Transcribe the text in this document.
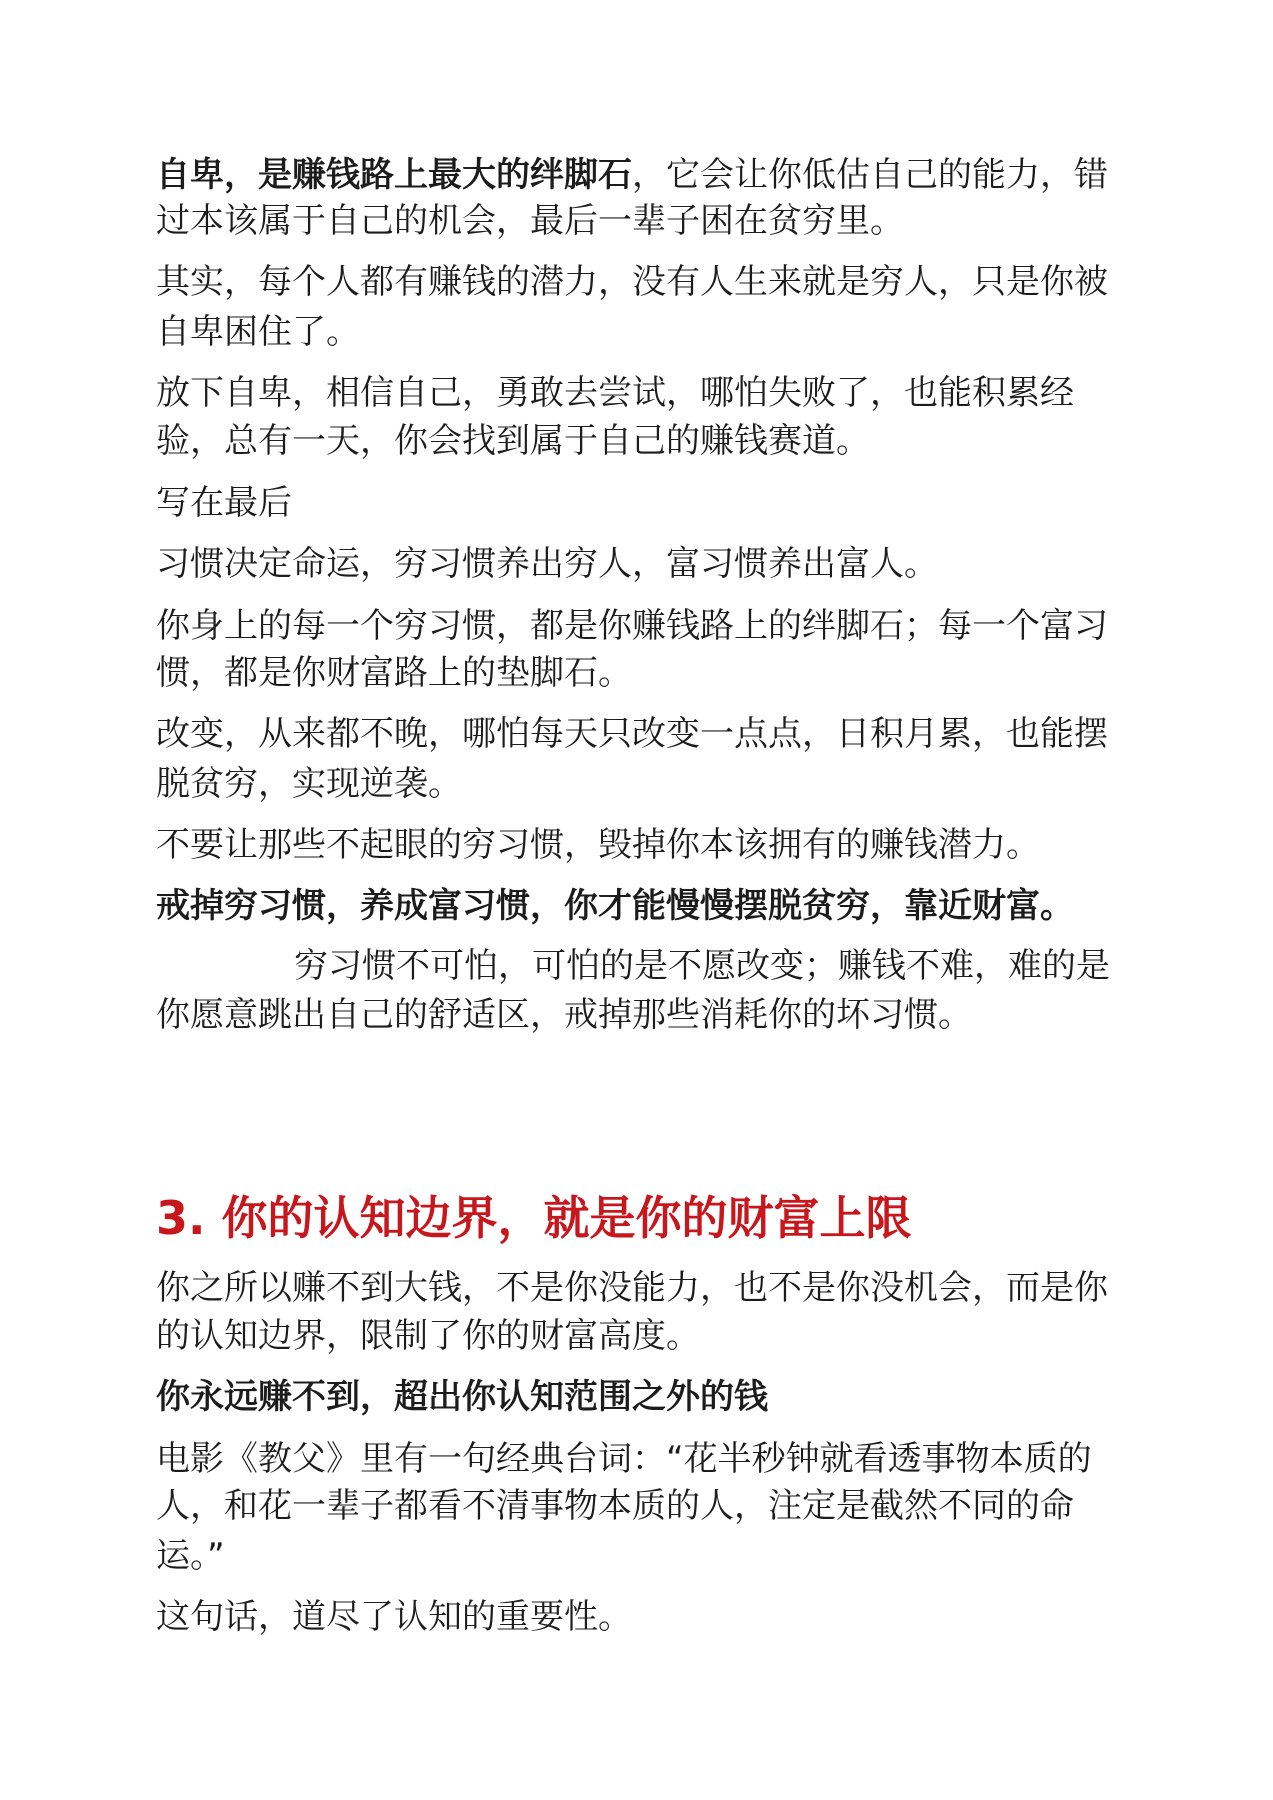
自卑，是赚钱路上最大的绊脚石，它会让你低估自己的能力，错
过本该属于自己的机会，最后一辈子困在贫穷里。
其实，每个人都有赚钱的潜力，没有人生来就是穷人，只是你被
自卑困住了。
放下自卑，相信自己，勇敢去尝试，哪怕失败了，也能积累经
验，总有一天，你会找到属于自己的赚钱赛道。
写在最后
习惯决定命运，穷习惯养出穷人，富习惯养出富人。
你身上的每一个穷习惯，都是你赚钱路上的绊脚石；每一个富习
惯，都是你财富路上的垫脚石。
改变，从来都不晚，哪怕每天只改变一点点，日积月累，也能摆
脱贫穷，实现逆袭。
不要让那些不起眼的穷习惯，毁掉你本该拥有的赚钱潜力。
戒掉穷习惯，养成富习惯，你才能慢慢摆脱贫穷，靠近财富。
穷习惯不可怕，可怕的是不愿改变；赚钱不难，难的是
你愿意跳出自己的舒适区，戒掉那些消耗你的坏习惯。
3. 你的认知边界，就是你的财富上限
你之所以赚不到大钱，不是你没能力，也不是你没机会，而是你
的认知边界，限制了你的财富高度。
你永远赚不到，超出你认知范围之外的钱
电影《教父》里有一句经典台词：“花半秒钟就看透事物本质的
人，和花一辈子都看不清事物本质的人，注定是截然不同的命
运。”
这句话，道尽了认知的重要性。
